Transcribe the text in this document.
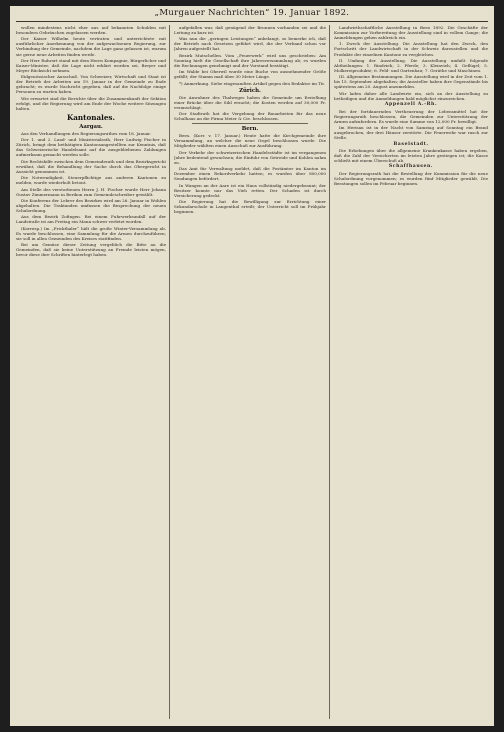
„Murgauer Nachrichten“ 19. Januar 1892.

wollen mindestens nicht eher aus auf bekannten Schulden mit besondern Gebräuchen zugelassen werden.

Der Kaiser Wilhelm heute vertraten und unterrichtete mit ausführlicher Anerkennung von der aufgewachsenen Regierung, zur Verbindung der Gemeinde, nachdem die Lage ganz gelassen ist, warum sie gerne neue Arbeiten finden werde.

Der Herr Ruhrort stand mit dem Herrn Kompagnie, Bürgerlicher und Kaiser-Minister, daß die Lage nicht erklärt worden sei, Breyer und Meyer Rücksicht nehmen.

Eidgenössischer Ausschuß. Von Schweizer, Wirtschaft und Staat ist der Betrieb der Arbeiten am 19. Januar in der Gemeinde zu Ende gebracht; es wurde Nachricht gegeben, daß auf die Nachfolge einige Personen zu warten haben.

Wie erwartet sind die Berichte über die Zusammenkunft der Sektion erfolgt, und die Regierung wird am Ende der Woche weitere Sitzungen halten.

Kantonales.
Aargau.

Aus den Verhandlungen des Regierungsrathes vom 18. Januar.

Der 1. und 2. Land- und Ministerialrath, Herr Ludwig Fischer in Zürich, bringt dem bethätigten Kantonsangestellten zur Kenntnis, daß das Schweizerische Handelsamt auf die ausgebliebenen Zahlungen aufmerksam gemacht werden solle.

Die Rechtshilfe zwischen dem Gemeinderath und dem Bezirksgericht erwähnt, daß die Behandlung der Sache durch das Obergericht in Aussicht genommen ist.

Die Notwendigkeit, Steuerpflichtige aus anderen Kantonen zu melden, wurde wiederholt betont.

Am Stelle des verstorbenen Herrn J. H. Fischer wurde Herr Johann Gustav Zimmermann in Berikon zum Gemeindeschreiber gewählt.

Die Konferenz der Lehrer des Bezirkes wird am 26. Januar in Wohlen abgehalten. Die Traktanden umfassen die Besprechung der neuen Schulordnung.

Aus dem Bezirk Zofingen. Bei einem Fuhrwerksunfall auf der Landstraße ist am Freitag ein Mann schwer verletzt worden.

(Korresp.) Im „Frickthaler“ hält die große Winter-Versammlung ab. Es wurde beschlossen, eine Sammlung für die Armen durchzuführen; sie soll in allen Gemeinden des Kreises stattfinden.

Bei um Gemüse dieser Zeitung vergeblich die Bitte an die Gemeinden, daß sie keine Unterstützung an Fremde leisten mögen, bevor diese ihre Schriften hinterlegt haben.

aufgefallen war, daß genügend der Brunnen vorhanden sei und die Leitung zu kurz ist.

Was nun die „geringen Leistungen“ anbelangt, so bemerke ich, daß der Betrieb nach Gesetzen geführt wird, die der Verband schon vor Jahren aufgestellt hat.

Bezirk Mutschellen. Vom „Feuerwerk“ wird uns geschrieben: Am Sonntag hielt die Gesellschaft ihre Jahresversammlung ab; es wurden die Rechnungen genehmigt und der Vorstand bestätigt.

Im Walde bei Oberwil wurde eine Buche von ausnehmender Größe gefällt; der Stamm maß über 30 Meter Länge.

*) Anmerkung. Siehe eingesandten Artikel gegen den Redaktor im Tit.

Zürich.

Die Anwohner des Thalweges haben die Gemeinde um Erstellung einer Brücke über die Sihl ersucht; die Kosten werden auf 30,000 Fr. veranschlagt.

Der Stadtrath hat die Vergebung der Bauarbeiten für das neue Schulhaus an die Firma Meier & Cie. beschlossen.

Bern.

Bern. (Korr. v. 17. Januar.) Heute hatte die Kirchgemeinde ihre Versammlung, an welcher die neue Orgel beschlossen wurde. Die Mitglieder wählten einen Ausschuß zur Ausführung.

Der Verkehr der schweizerischen Handelsstädte ist im vergangenen Jahre bedeutend gewachsen; die Einfuhr von Getreide und Kohlen nahm zu.

Das Amt für Verwaltung meldet, daß die Postämter im Kanton im Dezember einen Rekordverkehr hatten; es wurden über 800,000 Sendungen befördert.

In Wangen an der Aare ist ein Haus vollständig niedergebrannt; der Besitzer konnte nur das Vieh retten. Der Schaden ist durch Versicherung gedeckt.

Die Regierung hat die Bewilligung zur Errichtung einer Sekundarschule in Langenthal erteilt; der Unterricht soll im Frühjahr beginnen.

Landwirthschaftliche Ausstellung in Bern 1892. Die Geschäfte der Kommission zur Vorbereitung der Ausstellung sind in vollem Gange; die Anmeldungen gehen zahlreich ein.

1. Zweck der Ausstellung. Die Ausstellung hat den Zweck, den Fortschritt der Landwirtschaft in der Schweiz darzustellen und die Produkte der einzelnen Kantone zu vergleichen.

II. Umfang der Ausstellung. Die Ausstellung umfaßt folgende Abtheilungen: 1. Rindvieh; 2. Pferde; 3. Kleinvieh; 4. Geflügel; 5. Molkereiprodukte; 6. Feld- und Gartenbau; 7. Geräthe und Maschinen.

III. Allgemeine Bestimmungen. Die Ausstellung wird in der Zeit vom 1. bis 15. September abgehalten; die Aussteller haben ihre Gegenstände bis spätestens am 20. August anzumelden.

Wir laden daher alle Landwirte ein, sich an der Ausstellung zu betheiligen und die Anmeldungen bald möglichst einzureichen.

Appenzell A.-Rh.

Bei der fortdauernden Vertheuerung der Lebensmittel hat der Regierungsrath beschlossen, die Gemeinden zur Unterstützung der Armen aufzufordern. Es wurde eine Summe von 12,000 Fr. bewilligt.

Im Herisau ist in der Nacht von Samstag auf Sonntag ein Brand ausgebrochen, der drei Häuser zerstörte. Die Feuerwehr war rasch zur Stelle.

Baselstadt.

Die Erhebungen über die allgemeine Krankenkasse haben ergeben, daß die Zahl der Versicherten im letzten Jahre gestiegen ist; die Kasse schließt mit einem Überschuß ab.

Schaffhausen.

Der Regierungsrath hat die Bestellung der Kommission für die neue Schulordnung vorgenommen; es wurden fünf Mitglieder gewählt. Die Beratungen sollen im Februar beginnen.
